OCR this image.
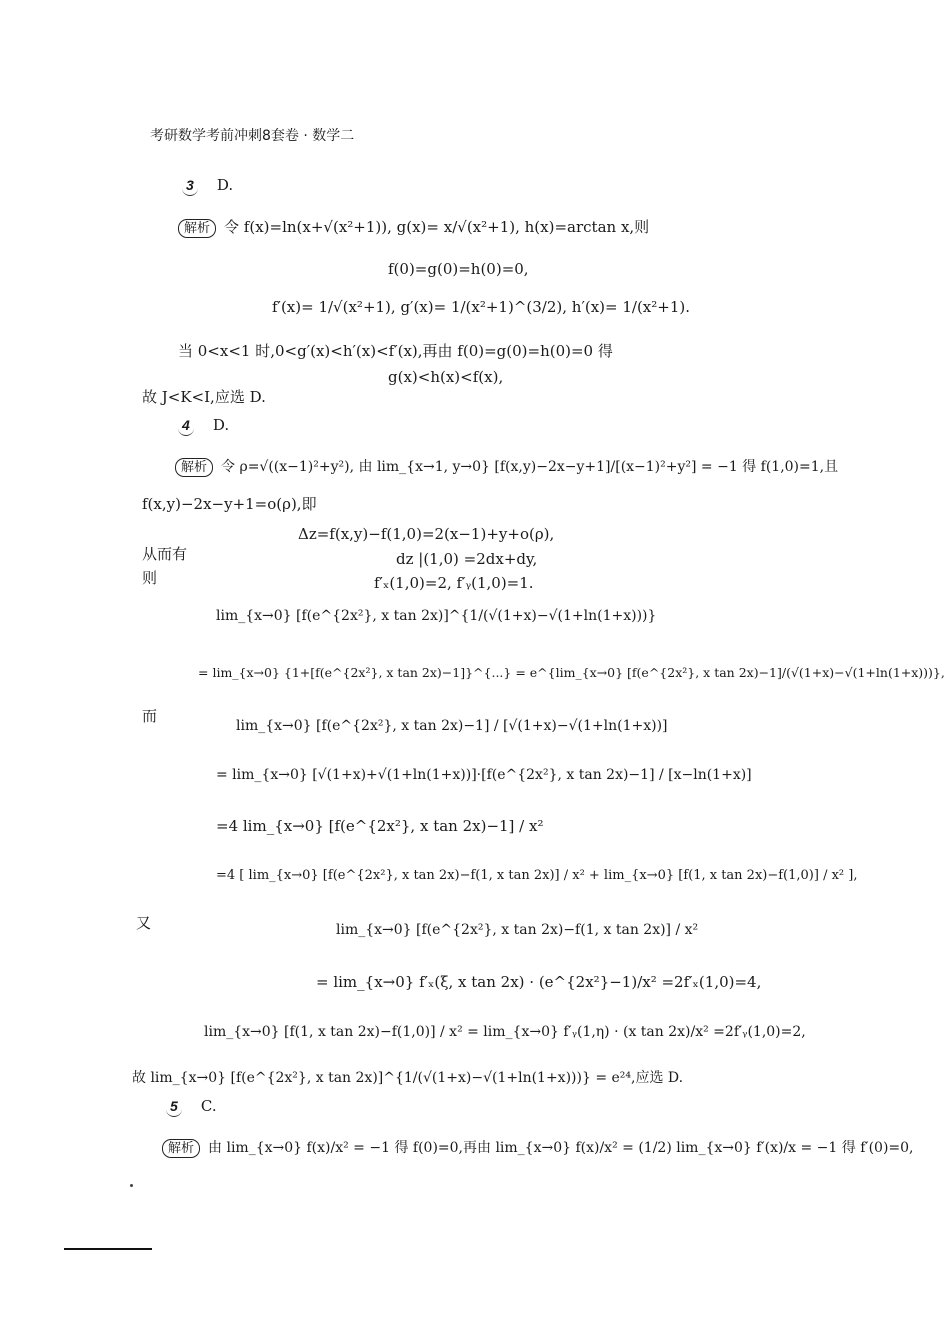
考研数学考前冲刺8套卷 · 数学二
3 D.
解析 令 f(x)=ln(x+√(x²+1)), g(x)= x/√(x²+1), h(x)=arctan x,则
f(0)=g(0)=h(0)=0,
f′(x)= 1/√(x²+1), g′(x)= 1/(x²+1)^(3/2), h′(x)= 1/(x²+1).
当 0<x<1 时,0<g′(x)<h′(x)<f′(x),再由 f(0)=g(0)=h(0)=0 得
g(x)<h(x)<f(x),
故 J<K<I,应选 D.
4 D.
解析 令 ρ=√((x−1)²+y²), 由 lim_{x→1, y→0} [f(x,y)−2x−y+1]/[(x−1)²+y²] = −1 得 f(1,0)=1,且
f(x,y)−2x−y+1=o(ρ),即
Δz=f(x,y)−f(1,0)=2(x−1)+y+o(ρ),
从而有	dz |(1,0) =2dx+dy,
则	f′ₓ(1,0)=2, f′ᵧ(1,0)=1.
lim_{x→0} [f(e^{2x²}, x tan 2x)]^{1/(√(1+x)−√(1+ln(1+x)))}
= lim_{x→0} {1+[f(e^{2x²}, x tan 2x)−1]}^{...} = e^{lim_{x→0} [f(e^{2x²}, x tan 2x)−1]/(√(1+x)−√(1+ln(1+x)))},
而
lim_{x→0} [f(e^{2x²}, x tan 2x)−1] / [√(1+x)−√(1+ln(1+x))]
= lim_{x→0} [√(1+x)+√(1+ln(1+x))]·[f(e^{2x²}, x tan 2x)−1] / [x−ln(1+x)]
=4 lim_{x→0} [f(e^{2x²}, x tan 2x)−1] / x²
=4 [ lim_{x→0} [f(e^{2x²}, x tan 2x)−f(1, x tan 2x)] / x² + lim_{x→0} [f(1, x tan 2x)−f(1,0)] / x² ],
又	lim_{x→0} [f(e^{2x²}, x tan 2x)−f(1, x tan 2x)] / x²
= lim_{x→0} f′ₓ(ξ, x tan 2x) · (e^{2x²}−1)/x² =2f′ₓ(1,0)=4,
lim_{x→0} [f(1, x tan 2x)−f(1,0)] / x² = lim_{x→0} f′ᵧ(1,η) · (x tan 2x)/x² =2f′ᵧ(1,0)=2,
故 lim_{x→0} [f(e^{2x²}, x tan 2x)]^{1/(√(1+x)−√(1+ln(1+x)))} = e²⁴,应选 D.
5 C.
解析 由 lim_{x→0} f(x)/x² = −1 得 f(0)=0,再由 lim_{x→0} f(x)/x² = (1/2) lim_{x→0} f′(x)/x = −1 得 f′(0)=0,
